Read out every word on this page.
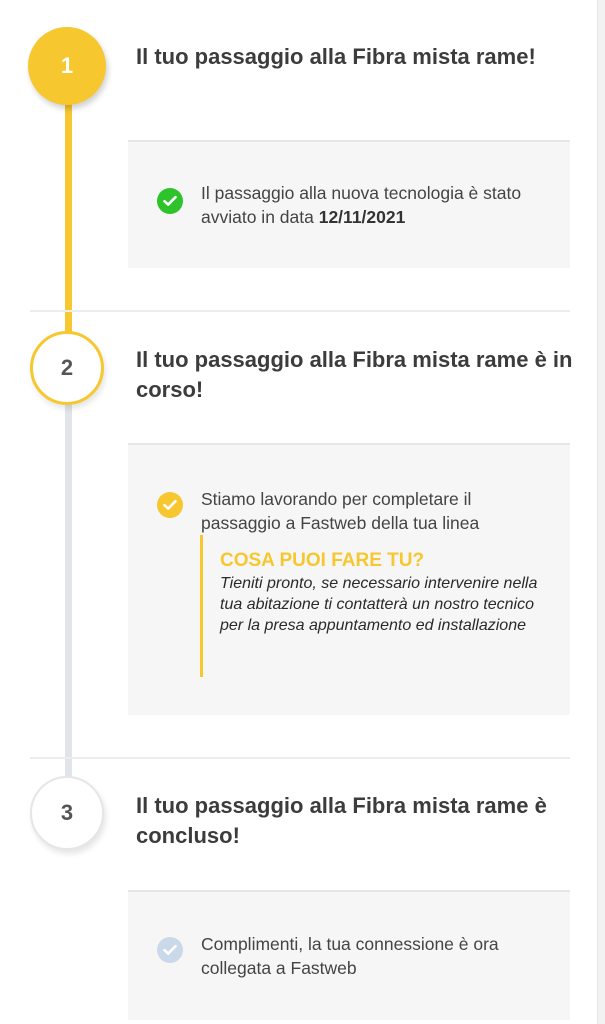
1	Il tuo passaggio alla Fibra mista rame!

Il passaggio alla nuova tecnologia è stato avviato in data 12/11/2021

2	Il tuo passaggio alla Fibra mista rame è in corso!

Stiamo lavorando per completare il passaggio a Fastweb della tua linea

COSA PUOI FARE TU?

Tieniti pronto, se necessario intervenire nella tua abitazione ti contatterà un nostro tecnico per la presa appuntamento ed installazione

3	Il tuo passaggio alla Fibra mista rame è concluso!

Complimenti, la tua connessione è ora collegata a Fastweb
